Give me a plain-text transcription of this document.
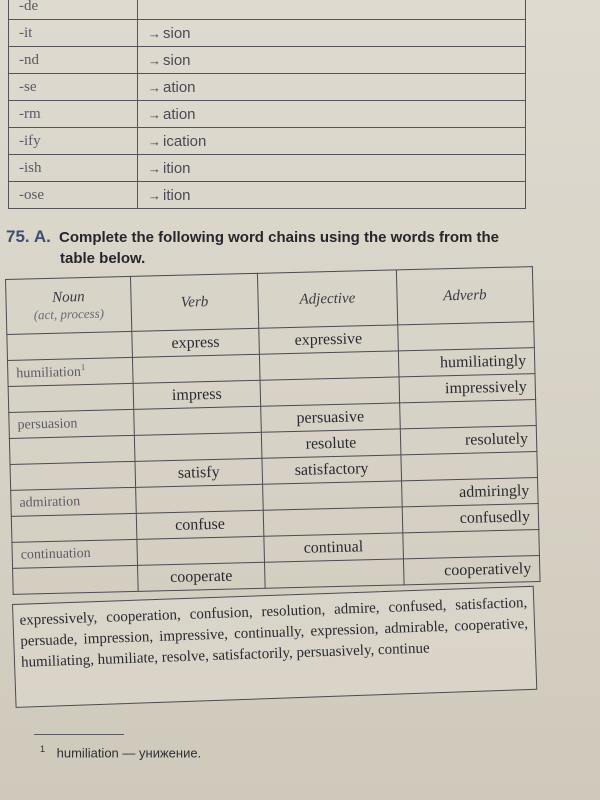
-de	
-it	→ sion
-nd	→ sion
-se	→ ation
-rm	→ ation
-ify	→ ication
-ish	→ ition
-ose	→ ition
75. A. Complete the following word chains using the words from the
table below.
Noun
(act, process)	Verb	Adjective	Adverb
	express	expressive	
humiliation$^1$			humiliatingly
	impress		impressively
persuasion		persuasive	
		resolute	resolutely
	satisfy	satisfactory	
admiration			admiringly
	confuse		confusedly
continuation		continual	
	cooperate		cooperatively
expressively, cooperation, confusion, resolution, admire, confused, satisfaction, persuade, impression, impressive, continually, expression, admirable, cooperative, humiliating, humiliate, resolve, satisfactorily, persuasively, continue
$^1$ humiliation — унижение.
